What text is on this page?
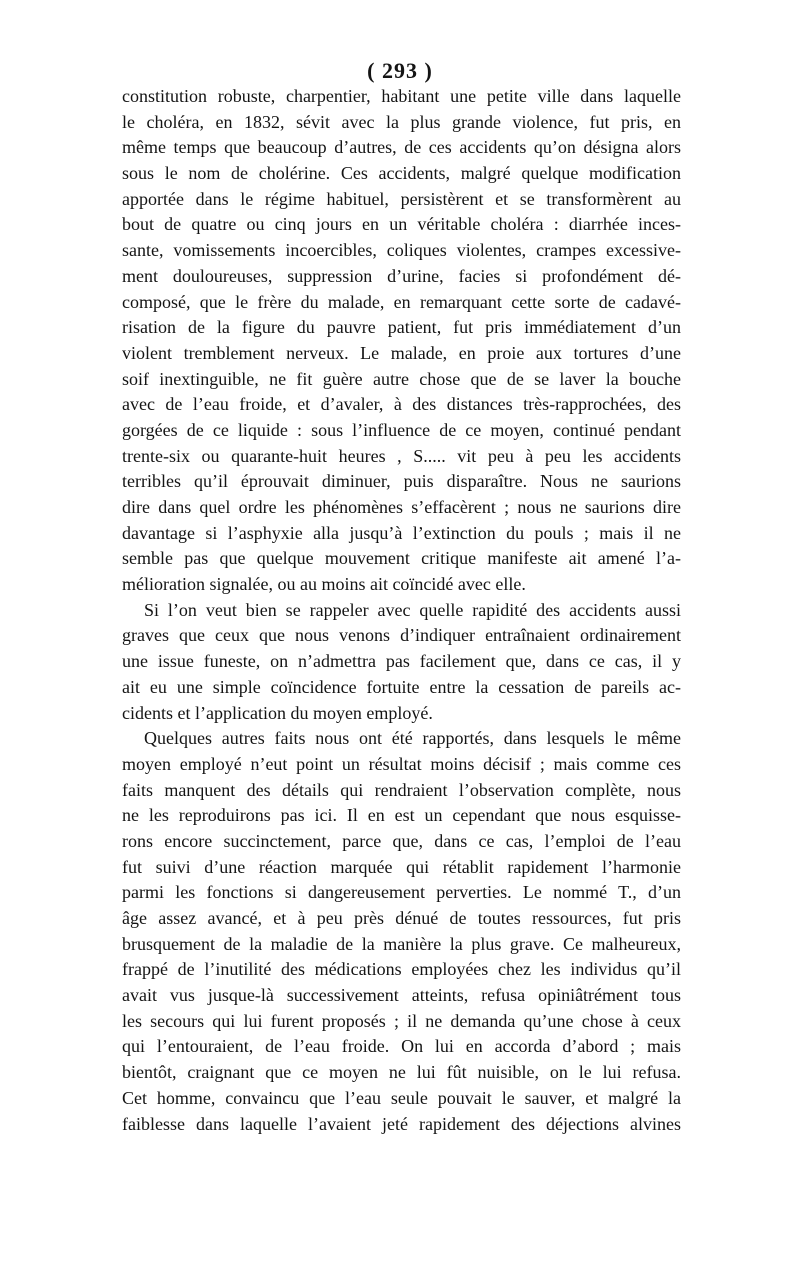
( 293 )
constitution robuste, charpentier, habitant une petite ville dans laquelle
le choléra, en 1832, sévit avec la plus grande violence, fut pris, en
même temps que beaucoup d’autres, de ces accidents qu’on désigna alors
sous le nom de cholérine. Ces accidents, malgré quelque modification
apportée dans le régime habituel, persistèrent et se transformèrent au
bout de quatre ou cinq jours en un véritable choléra : diarrhée inces-
sante, vomissements incoercibles, coliques violentes, crampes excessive-
ment douloureuses, suppression d’urine, facies si profondément dé-
composé, que le frère du malade, en remarquant cette sorte de cadavé-
risation de la figure du pauvre patient, fut pris immédiatement d’un
violent tremblement nerveux. Le malade, en proie aux tortures d’une
soif inextinguible, ne fit guère autre chose que de se laver la bouche
avec de l’eau froide, et d’avaler, à des distances très-rapprochées, des
gorgées de ce liquide : sous l’influence de ce moyen, continué pendant
trente-six ou quarante-huit heures , S..... vit peu à peu les accidents
terribles qu’il éprouvait diminuer, puis disparaître. Nous ne saurions
dire dans quel ordre les phénomènes s’effacèrent ; nous ne saurions dire
davantage si l’asphyxie alla jusqu’à l’extinction du pouls ; mais il ne
semble pas que quelque mouvement critique manifeste ait amené l’a-
mélioration signalée, ou au moins ait coïncidé avec elle.
Si l’on veut bien se rappeler avec quelle rapidité des accidents aussi
graves que ceux que nous venons d’indiquer entraînaient ordinairement
une issue funeste, on n’admettra pas facilement que, dans ce cas, il y
ait eu une simple coïncidence fortuite entre la cessation de pareils ac-
cidents et l’application du moyen employé.
Quelques autres faits nous ont été rapportés, dans lesquels le même
moyen employé n’eut point un résultat moins décisif ; mais comme ces
faits manquent des détails qui rendraient l’observation complète, nous
ne les reproduirons pas ici. Il en est un cependant que nous esquisse-
rons encore succinctement, parce que, dans ce cas, l’emploi de l’eau
fut suivi d’une réaction marquée qui rétablit rapidement l’harmonie
parmi les fonctions si dangereusement perverties. Le nommé T., d’un
âge assez avancé, et à peu près dénué de toutes ressources, fut pris
brusquement de la maladie de la manière la plus grave. Ce malheureux,
frappé de l’inutilité des médications employées chez les individus qu’il
avait vus jusque-là successivement atteints, refusa opiniâtrément tous
les secours qui lui furent proposés ; il ne demanda qu’une chose à ceux
qui l’entouraient, de l’eau froide. On lui en accorda d’abord ; mais
bientôt, craignant que ce moyen ne lui fût nuisible, on le lui refusa.
Cet homme, convaincu que l’eau seule pouvait le sauver, et malgré la
faiblesse dans laquelle l’avaient jeté rapidement des déjections alvines
